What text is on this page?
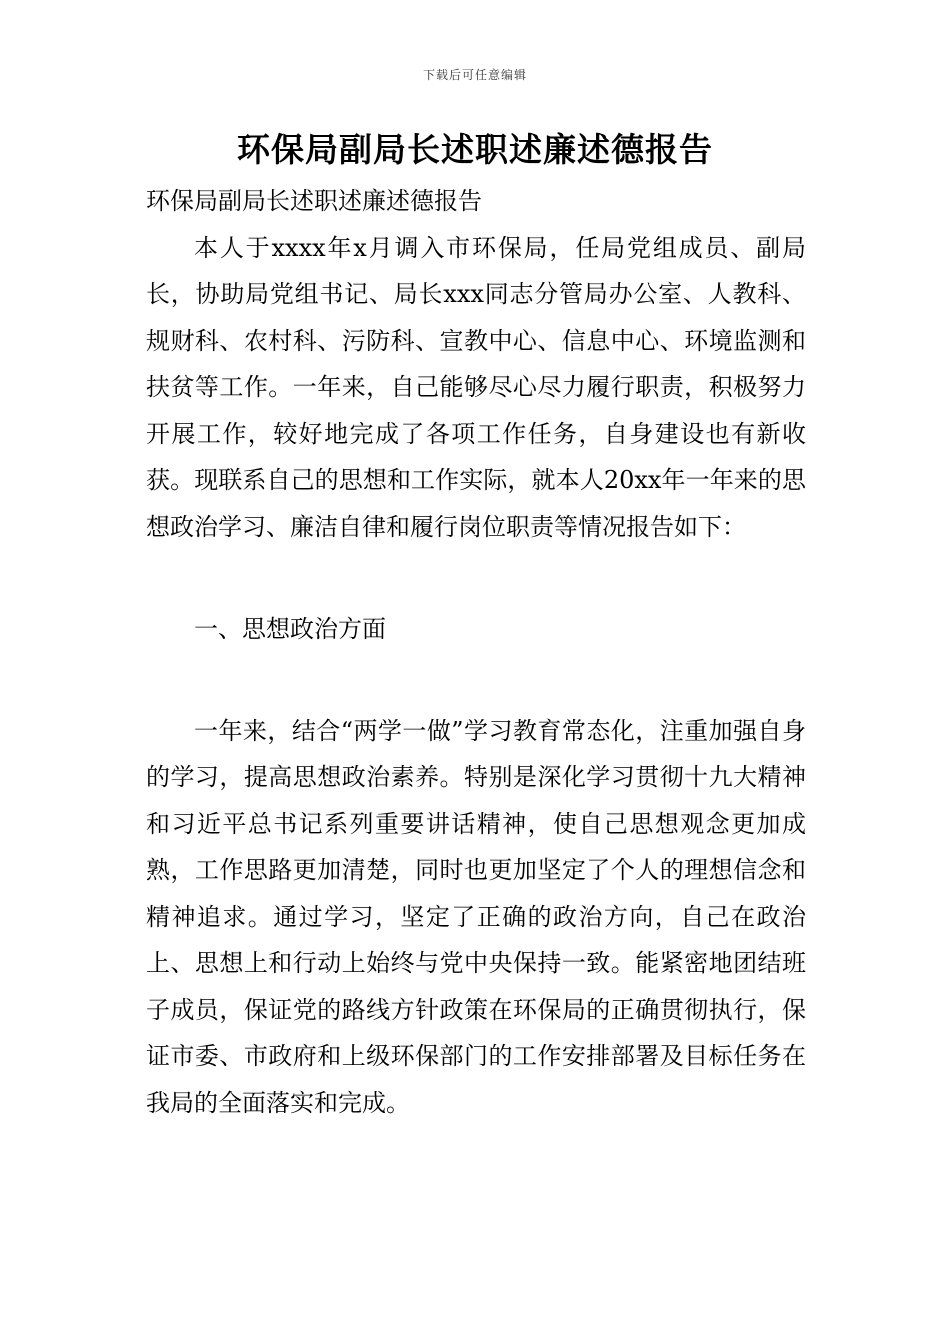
下载后可任意编辑
环保局副局长述职述廉述德报告

环保局副局长述职述廉述德报告

本人于xxxx年x月调入市环保局，任局党组成员、副局长，协助局党组书记、局长xxx同志分管局办公室、人教科、规财科、农村科、污防科、宣教中心、信息中心、环境监测和扶贫等工作。一年来，自己能够尽心尽力履行职责，积极努力开展工作，较好地完成了各项工作任务，自身建设也有新收获。现联系自己的思想和工作实际，就本人20xx年一年来的思想政治学习、廉洁自律和履行岗位职责等情况报告如下：

一、思想政治方面

一年来，结合“两学一做”学习教育常态化，注重加强自身的学习，提高思想政治素养。特别是深化学习贯彻十九大精神和习近平总书记系列重要讲话精神，使自己思想观念更加成熟，工作思路更加清楚，同时也更加坚定了个人的理想信念和精神追求。通过学习，坚定了正确的政治方向，自己在政治上、思想上和行动上始终与党中央保持一致。能紧密地团结班子成员，保证党的路线方针政策在环保局的正确贯彻执行，保证市委、市政府和上级环保部门的工作安排部署及目标任务在我局的全面落实和完成。
